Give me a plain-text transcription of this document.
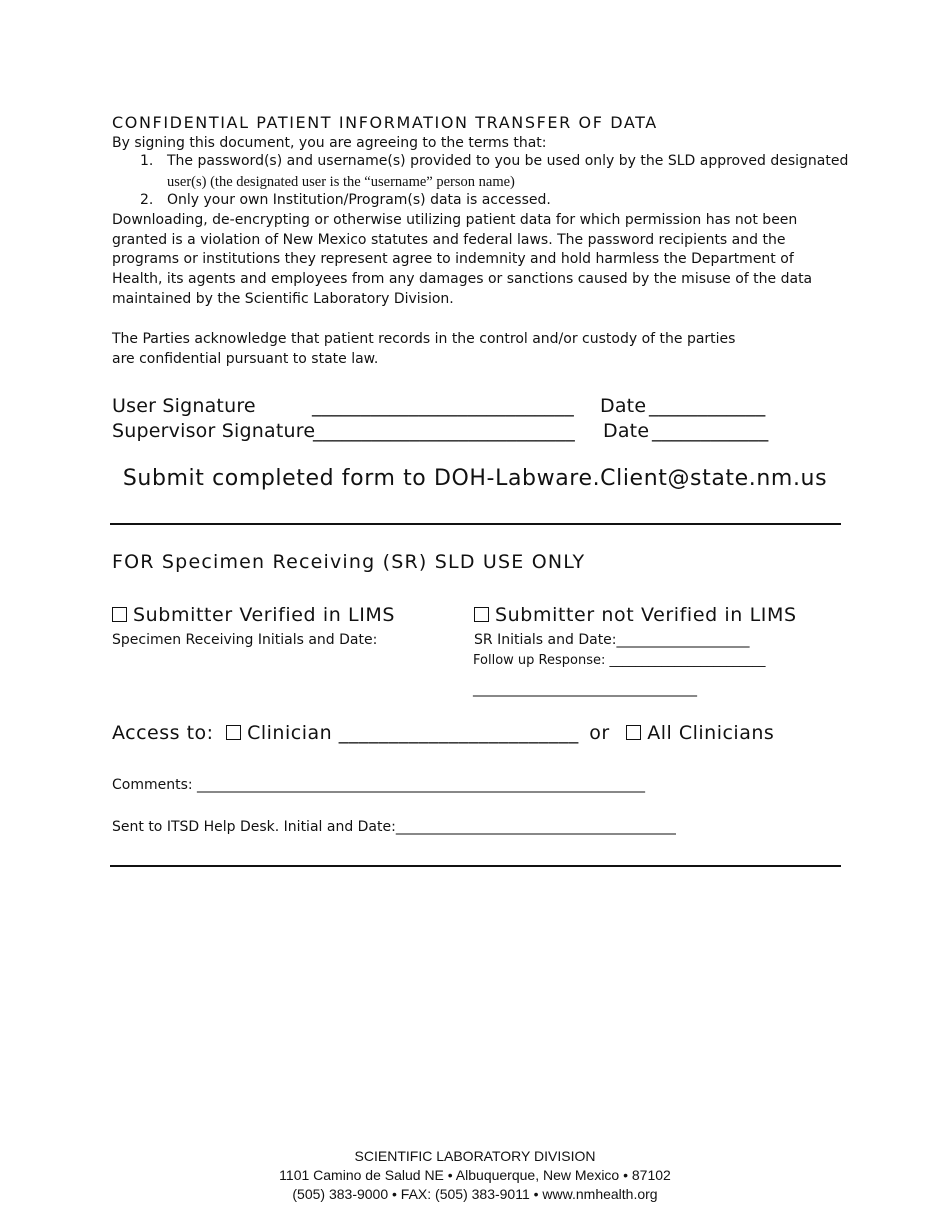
CONFIDENTIAL PATIENT INFORMATION TRANSFER OF DATA
By signing this document, you are agreeing to the terms that:
1. The password(s) and username(s) provided to you be used only by the SLD approved designated
user(s) (the designated user is the “username” person name)
2. Only your own Institution/Program(s) data is accessed.
Downloading, de-encrypting or otherwise utilizing patient data for which permission has not been granted is a violation of New Mexico statutes and federal laws. The password recipients and the programs or institutions they represent agree to indemnity and hold harmless the Department of Health, its agents and employees from any damages or sanctions caused by the misuse of the data maintained by the Scientific Laboratory Division.
The Parties acknowledge that patient records in the control and/or custody of the parties
are confidential pursuant to state law.
User Signature	___________________________ Date ____________
Supervisor Signature
___________________________ Date ____________
Submit completed form to DOH-Labware.Client@state.nm.us
FOR Specimen Receiving (SR) SLD USE ONLY
Submitter Verified in LIMS
Specimen Receiving Initials and Date:
Submitter not Verified in LIMS
SR Initials and Date:___________________
Follow up Response: ________________________
________________________________
Access to: Clinician ________________________ or All Clinicians
Comments: ________________________________________________________________
Sent to ITSD Help Desk. Initial and Date:________________________________________
SCIENTIFIC LABORATORY DIVISION
1101 Camino de Salud NE • Albuquerque, New Mexico • 87102
(505) 383-9000 • FAX: (505) 383-9011 • www.nmhealth.org
